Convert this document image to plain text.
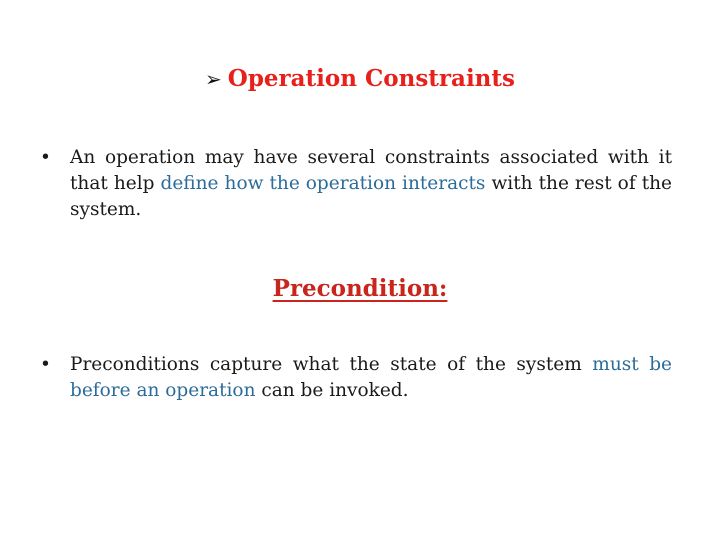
➢ Operation Constraints
•	An operation may have several constraints associated with it that help define how the operation interacts with the rest of the system.
Precondition:
•	Preconditions capture what the state of the system must be before an operation can be invoked.
